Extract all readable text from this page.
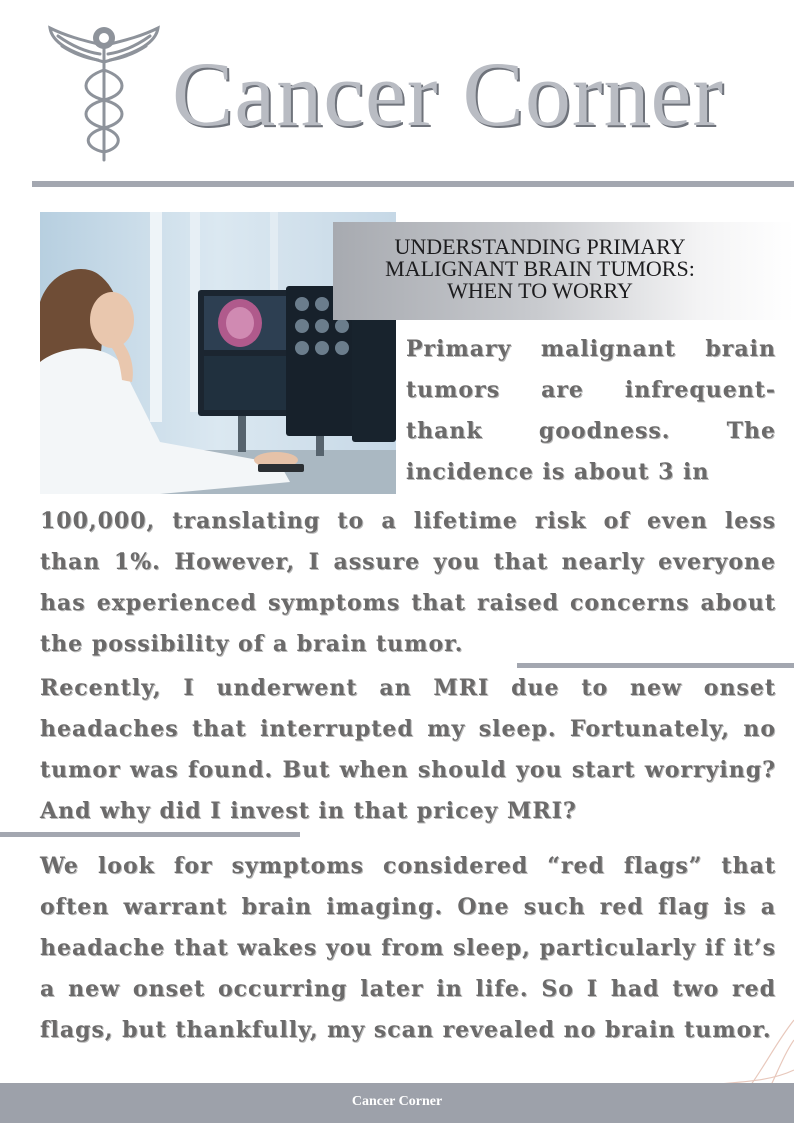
Cancer Corner
UNDERSTANDING PRIMARY
MALIGNANT BRAIN TUMORS:
WHEN TO WORRY
Primary malignant brain tumors are infrequent-thank goodness. The incidence is about 3 in
100,000, translating to a lifetime risk of even less than 1%. However, I assure you that nearly everyone has experienced symptoms that raised concerns about the possibility of a brain tumor.
Recently, I underwent an MRI due to new onset headaches that interrupted my sleep. Fortunately, no tumor was found. But when should you start worrying? And why did I invest in that pricey MRI?
We look for symptoms considered “red flags” that often warrant brain imaging. One such red flag is a headache that wakes you from sleep, particularly if it’s a new onset occurring later in life. So I had two red flags, but thankfully, my scan revealed no brain tumor.
Cancer Corner
